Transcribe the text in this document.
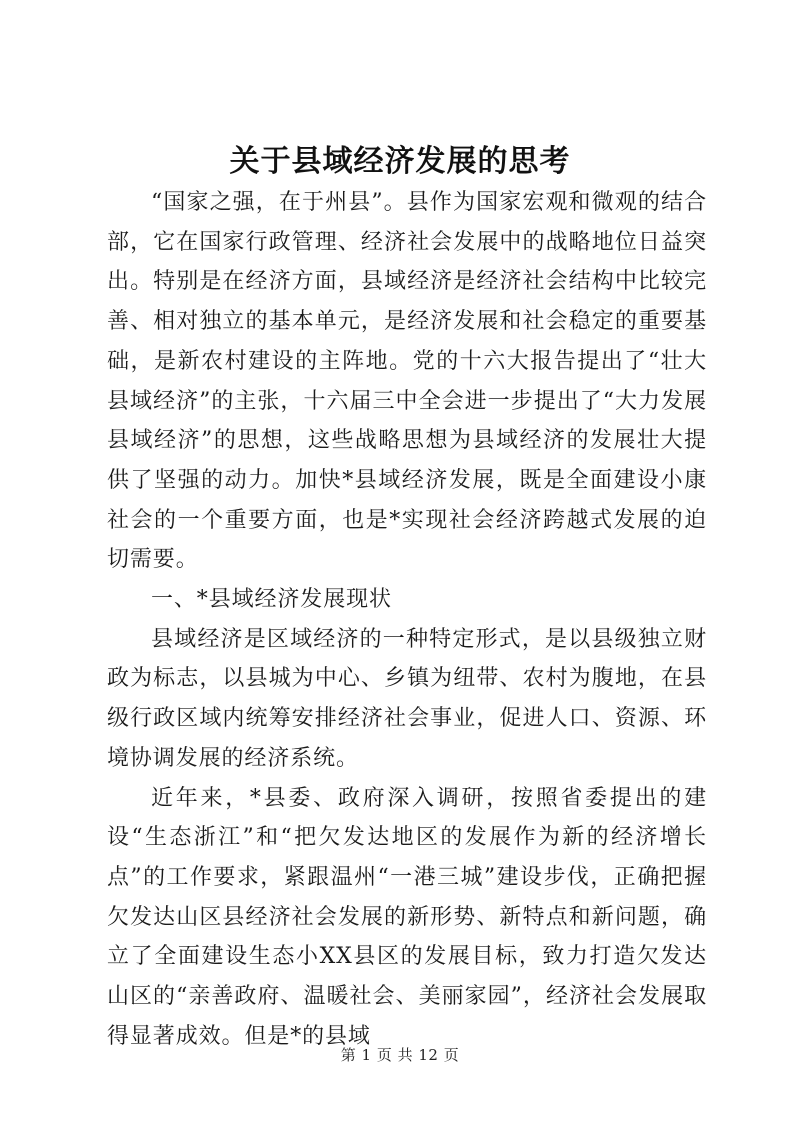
关于县域经济发展的思考

“国家之强，在于州县”。县作为国家宏观和微观的结合部，它在国家行政管理、经济社会发展中的战略地位日益突出。特别是在经济方面，县域经济是经济社会结构中比较完善、相对独立的基本单元，是经济发展和社会稳定的重要基础，是新农村建设的主阵地。党的十六大报告提出了“壮大县域经济”的主张，十六届三中全会进一步提出了“大力发展县域经济”的思想，这些战略思想为县域经济的发展壮大提供了坚强的动力。加快*县域经济发展，既是全面建设小康社会的一个重要方面，也是*实现社会经济跨越式发展的迫切需要。

一、*县域经济发展现状

县域经济是区域经济的一种特定形式，是以县级独立财政为标志，以县城为中心、乡镇为纽带、农村为腹地，在县级行政区域内统筹安排经济社会事业，促进人口、资源、环境协调发展的经济系统。

近年来，*县委、政府深入调研，按照省委提出的建设“生态浙江”和“把欠发达地区的发展作为新的经济增长点”的工作要求，紧跟温州“一港三城”建设步伐，正确把握欠发达山区县经济社会发展的新形势、新特点和新问题，确立了全面建设生态小XX县区的发展目标，致力打造欠发达山区的“亲善政府、温暖社会、美丽家园”，经济社会发展取得显著成效。但是*的县域

第 1 页 共 12 页
